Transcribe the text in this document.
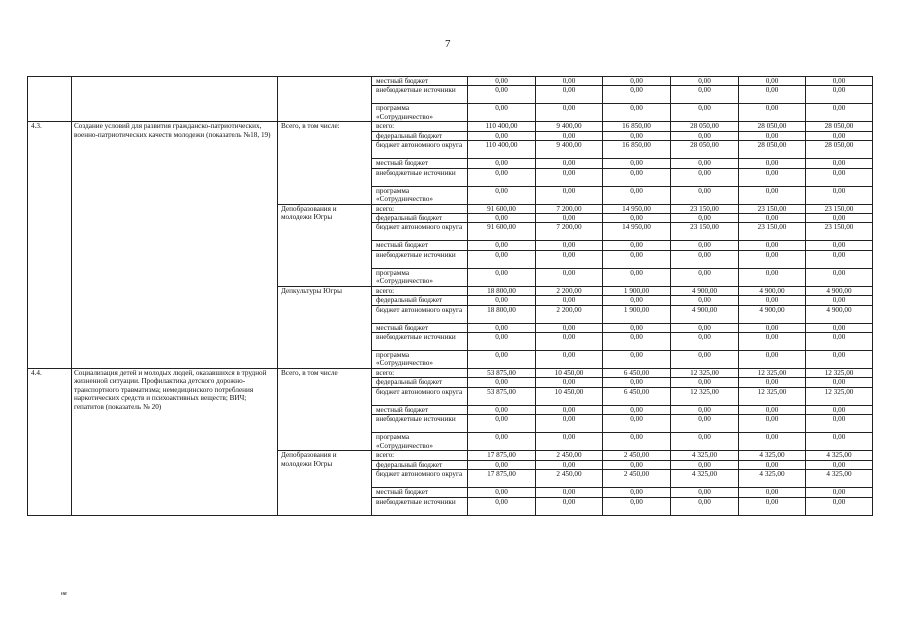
7
			местный бюджет	0,00	0,00	0,00	0,00	0,00	0,00
			внебюджетные источники	0,00	0,00	0,00	0,00	0,00	0,00
			программа «Сотрудничество»	0,00	0,00	0,00	0,00	0,00	0,00
4.3.	Создание условий для развития гражданско-патриотических, военно-патриотических качеств молодежи (показатель №18, 19)	Всего, в том числе:	всего:	110 400,00	9 400,00	16 850,00	28 050,00	28 050,00	28 050,00
			федеральный бюджет	0,00	0,00	0,00	0,00	0,00	0,00
			бюджет автономного округа	110 400,00	9 400,00	16 850,00	28 050,00	28 050,00	28 050,00
			местный бюджет	0,00	0,00	0,00	0,00	0,00	0,00
			внебюджетные источники	0,00	0,00	0,00	0,00	0,00	0,00
			программа «Сотрудничество»	0,00	0,00	0,00	0,00	0,00	0,00
		Депобразования и молодежи Югры	всего:	91 600,00	7 200,00	14 950,00	23 150,00	23 150,00	23 150,00
			федеральный бюджет	0,00	0,00	0,00	0,00	0,00	0,00
			бюджет автономного округа	91 600,00	7 200,00	14 950,00	23 150,00	23 150,00	23 150,00
			местный бюджет	0,00	0,00	0,00	0,00	0,00	0,00
			внебюджетные источники	0,00	0,00	0,00	0,00	0,00	0,00
			программа «Сотрудничество»	0,00	0,00	0,00	0,00	0,00	0,00
		Депкультуры Югры	всего:	18 800,00	2 200,00	1 900,00	4 900,00	4 900,00	4 900,00
			федеральный бюджет	0,00	0,00	0,00	0,00	0,00	0,00
			бюджет автономного округа	18 800,00	2 200,00	1 900,00	4 900,00	4 900,00	4 900,00
			местный бюджет	0,00	0,00	0,00	0,00	0,00	0,00
			внебюджетные источники	0,00	0,00	0,00	0,00	0,00	0,00
			программа «Сотрудничество»	0,00	0,00	0,00	0,00	0,00	0,00
4.4.	Социализация детей и молодых людей, оказавшихся в трудной жизненной ситуации. Профилактика детского дорожно-транспортного травматизма; немедицинского потребления наркотических средств и психоактивных веществ; ВИЧ; гепатитов (показатель № 20)	Всего, в том числе	всего:	53 875,00	10 450,00	6 450,00	12 325,00	12 325,00	12 325,00
			федеральный бюджет	0,00	0,00	0,00	0,00	0,00	0,00
			бюджет автономного округа	53 875,00	10 450,00	6 450,00	12 325,00	12 325,00	12 325,00
			местный бюджет	0,00	0,00	0,00	0,00	0,00	0,00
			внебюджетные источники	0,00	0,00	0,00	0,00	0,00	0,00
			программа «Сотрудничество»	0,00	0,00	0,00	0,00	0,00	0,00
		Депобразования и молодежи Югры	всего:	17 875,00	2 450,00	2 450,00	4 325,00	4 325,00	4 325,00
			федеральный бюджет	0,00	0,00	0,00	0,00	0,00	0,00
			бюджет автономного округа	17 875,00	2 450,00	2 450,00	4 325,00	4 325,00	4 325,00
			местный бюджет	0,00	0,00	0,00	0,00	0,00	0,00
			внебюджетные источники	0,00	0,00	0,00	0,00	0,00	0,00
нв
